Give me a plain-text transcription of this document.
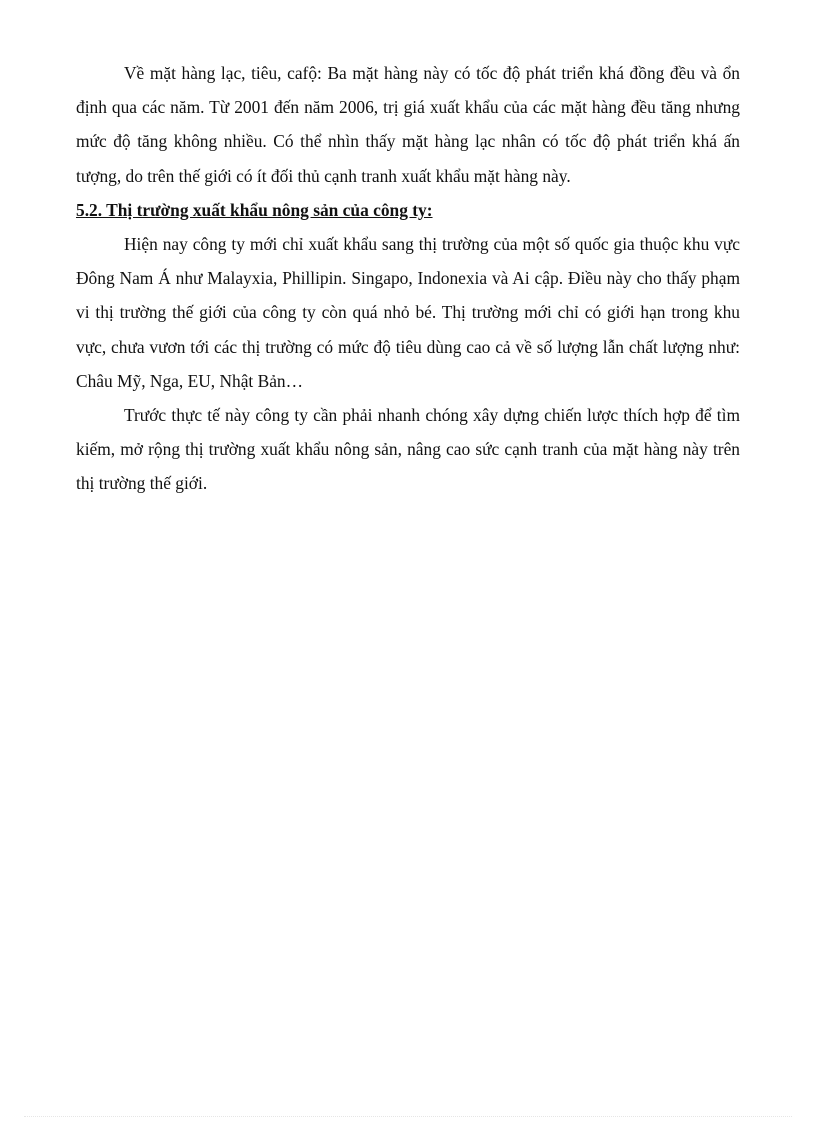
Về mặt hàng lạc, tiêu, cafộ: Ba mặt hàng này có tốc độ phát triển khá đồng đều và ổn định qua các năm. Từ 2001 đến năm 2006, trị giá xuất khẩu của các mặt hàng đều tăng nhưng mức độ tăng không nhiều. Có thể nhìn thấy mặt hàng lạc nhân có tốc độ phát triển khá ấn tượng, do trên thế giới có ít đối thủ cạnh tranh xuất khẩu mặt hàng này.

5.2. Thị trường xuất khẩu nông sản của công ty:

Hiện nay công ty mới chỉ xuất khẩu sang thị trường của một số quốc gia thuộc khu vực Đông Nam Á như Malayxia, Phillipin. Singapo, Indonexia và Ai cập. Điều này cho thấy phạm vi thị trường thế giới của công ty còn quá nhỏ bé. Thị trường mới chỉ có giới hạn trong khu vực, chưa vươn tới các thị trường có mức độ tiêu dùng cao cả về số lượng lẫn chất lượng như: Châu Mỹ, Nga, EU, Nhật Bản…

Trước thực tế này công ty cần phải nhanh chóng xây dựng chiến lược thích hợp để tìm kiếm, mở rộng thị trường xuất khẩu nông sản, nâng cao sức cạnh tranh của mặt hàng này trên thị trường thế giới.
